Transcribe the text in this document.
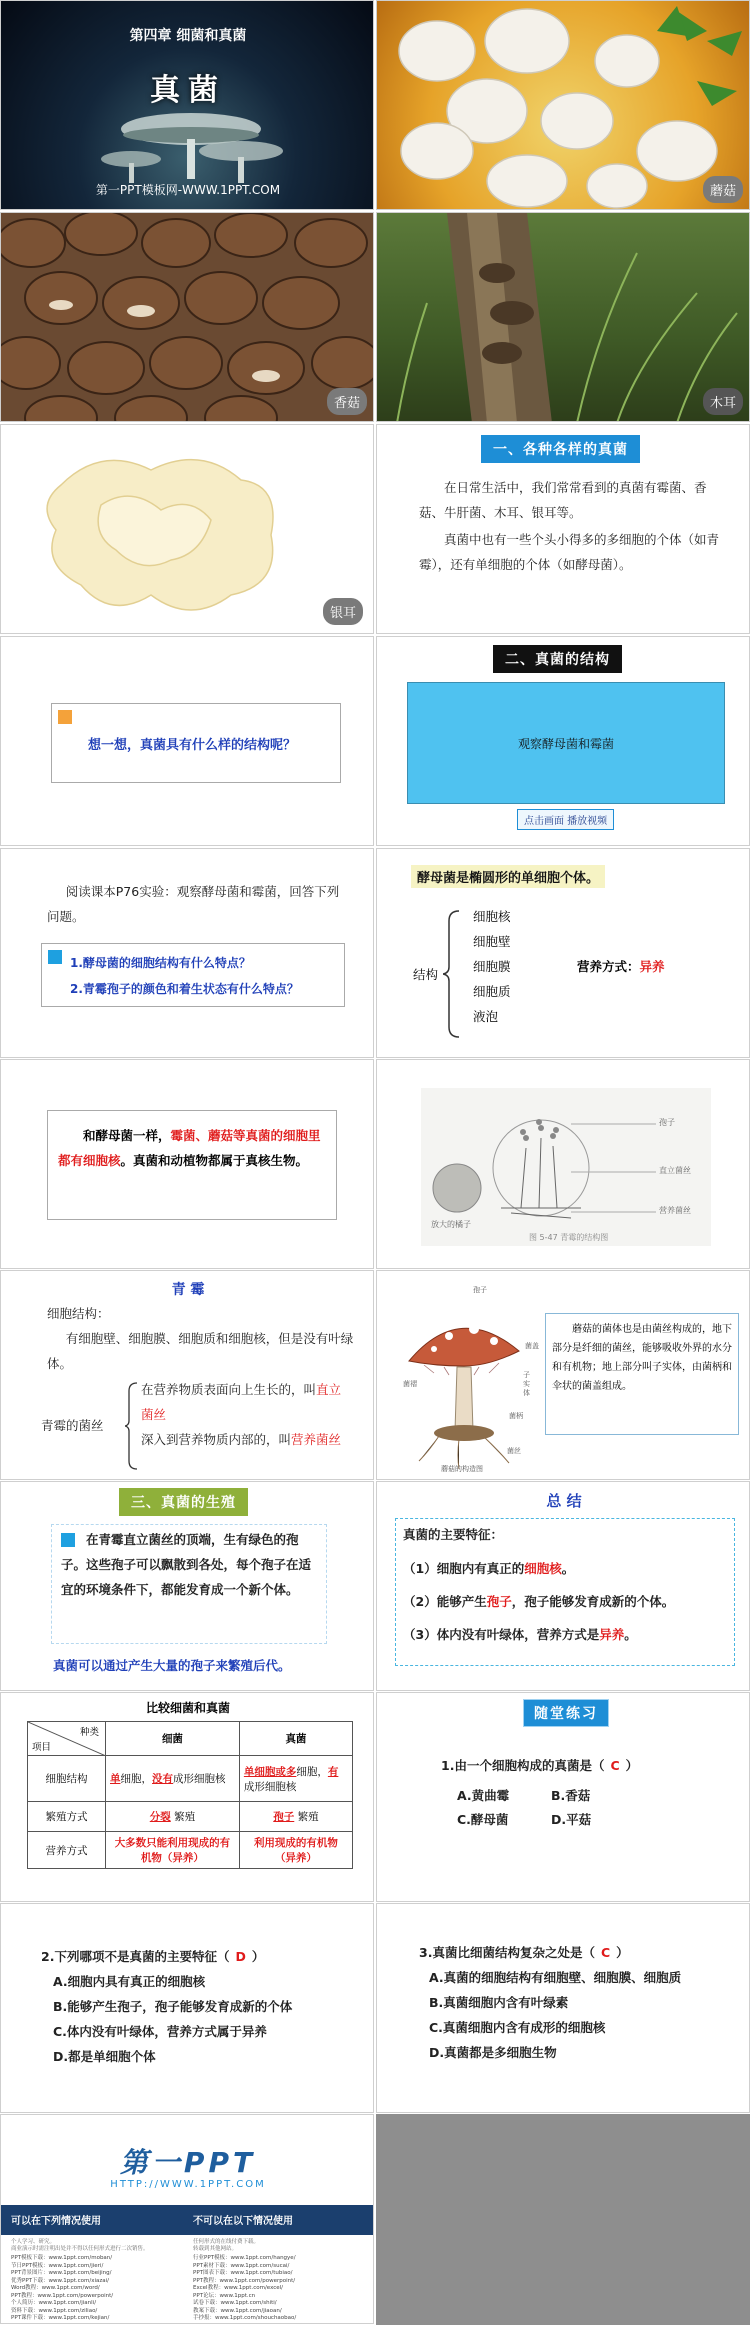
第四章 细菌和真菌
真菌
第一PPT模板网-WWW.1PPT.COM	蘑菇
香菇	木耳
银耳
一、各种各样的真菌
在日常生活中，我们常常看到的真菌有霉菌、香菇、牛肝菌、木耳、银耳等。
真菌中也有一些个头小得多的多细胞的个体（如青霉），还有单细胞的个体（如酵母菌）。
想一想，真菌具有什么样的结构呢？
二、真菌的结构
观察酵母菌和霉菌
点击画面 播放视频
阅读课本P76实验：观察酵母菌和霉菌，回答下列问题。
1.酵母菌的细胞结构有什么特点？
2.青霉孢子的颜色和着生状态有什么特点？
酵母菌是椭圆形的单细胞个体。
结构
细胞核
细胞壁
细胞膜
细胞质
液泡
营养方式：异养
和酵母菌一样，霉菌、蘑菇等真菌的细胞里都有细胞核。真菌和动植物都属于真核生物。
孢子
直立菌丝
营养菌丝
放大的橘子
图 5-47 青霉的结构图
青 霉
细胞结构：
有细胞壁、细胞膜、细胞质和细胞核，但是没有叶绿体。
青霉的菌丝
在营养物质表面向上生长的，叫直立菌丝
深入到营养物质内部的，叫营养菌丝
孢子
菌褶
菌盖
子实体
菌柄
菌丝
蘑菇的构造图
蘑菇的菌体也是由菌丝构成的，地下部分是纤细的菌丝，能够吸收外界的水分和有机物；地上部分叫子实体，由菌柄和伞状的菌盖组成。
三、真菌的生殖
在青霉直立菌丝的顶端，生有绿色的孢子。这些孢子可以飘散到各处，每个孢子在适宜的环境条件下，都能发育成一个新个体。
真菌可以通过产生大量的孢子来繁殖后代。
总 结
真菌的主要特征：
（1）细胞内有真正的细胞核。
（2）能够产生孢子，孢子能够发育成新的个体。
（3）体内没有叶绿体，营养方式是异养。
比较细菌和真菌
种类
项目	细菌	真菌
细胞结构	单细胞，没有成形细胞核	单细胞或多细胞，有成形细胞核
繁殖方式	分裂 繁殖	孢子 繁殖
营养方式	大多数只能利用现成的有机物（异养）	利用现成的有机物（异养）
随堂练习
1.由一个细胞构成的真菌是（ C ）
A.黄曲霉	B.香菇
C.酵母菌	D.平菇
2.下列哪项不是真菌的主要特征（ D ）
A.细胞内具有真正的细胞核
B.能够产生孢子，孢子能够发育成新的个体
C.体内没有叶绿体，营养方式属于异养
D.都是单细胞个体
3.真菌比细菌结构复杂之处是（ C ）
A.真菌的细胞结构有细胞壁、细胞膜、细胞质
B.真菌细胞内含有叶绿素
C.真菌细胞内含有成形的细胞核
D.真菌都是多细胞生物
第一PPT
HTTP://WWW.1PPT.COM
可以在下列情况使用	不可以在以下情况使用
个人学习、研究。
商业演示时需注明出处并不得以任何形式进行二次销售。
任何形式的在线付费下载。
转载到其他网站。
PPT模板下载：www.1ppt.com/moban/
节日PPT模板：www.1ppt.com/jieri/
PPT背景图片：www.1ppt.com/beijing/
优秀PPT下载：www.1ppt.com/xiazai/
Word教程：www.1ppt.com/word/
PPT教程：www.1ppt.com/powerpoint/
个人简历：www.1ppt.com/jianli/
资料下载：www.1ppt.com/ziliao/
PPT课件下载：www.1ppt.com/kejian/
行业PPT模板：www.1ppt.com/hangye/
PPT素材下载：www.1ppt.com/sucai/
PPT图表下载：www.1ppt.com/tubiao/
PPT教程：www.1ppt.com/powerpoint/
Excel教程：www.1ppt.com/excel/
PPT论坛：www.1ppt.cn
试卷下载：www.1ppt.com/shiti/
教案下载：www.1ppt.com/jiaoan/
手抄报：www.1ppt.com/shouchaobao/
